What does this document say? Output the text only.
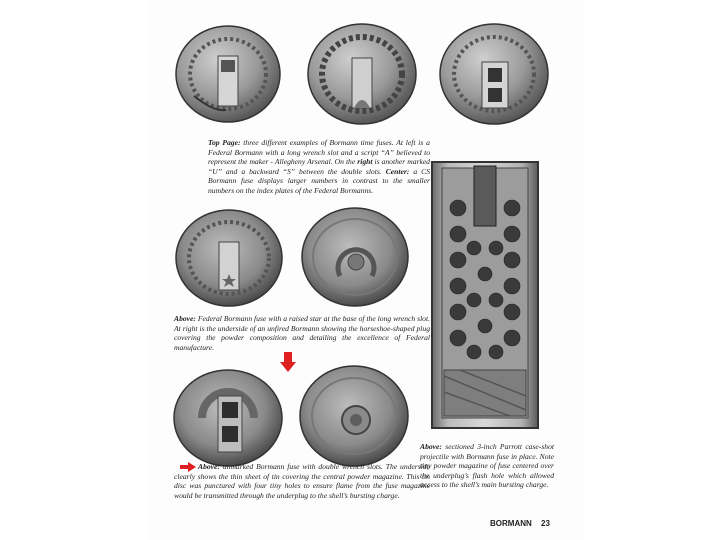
Top Page: three different examples of Bormann time fuses. At left is a Federal Bormann with a long wrench slot and a script “A” believed to represent the maker - Allegheny Arsenal. On the right is another marked “U” and a backward “S” between the double slots. Center: a CS Bormann fuse displays larger numbers in contrast to the smaller numbers on the index plates of the Federal Bormanns.
Above: Federal Bormann fuse with a raised star at the base of the long wrench slot. At right is the underside of an unfired Bormann showing the horseshoe-shaped plug covering the powder composition and detailing the excellence of Federal manufacture.
Above: unmarked Bormann fuse with double wrench slots. The underside clearly shows the thin sheet of tin covering the central powder magazine. This tin disc was punctured with four tiny holes to ensure flame from the fuse magazine would be transmitted through the underplug to the shell’s bursting charge.
Above: sectioned 3-inch Parrott case-shot projectile with Bormann fuse in place. Note tiny powder magazine of fuse centered over the underplug’s flash hole which allowed access to the shell’s main bursting charge.
BORMANN 23
